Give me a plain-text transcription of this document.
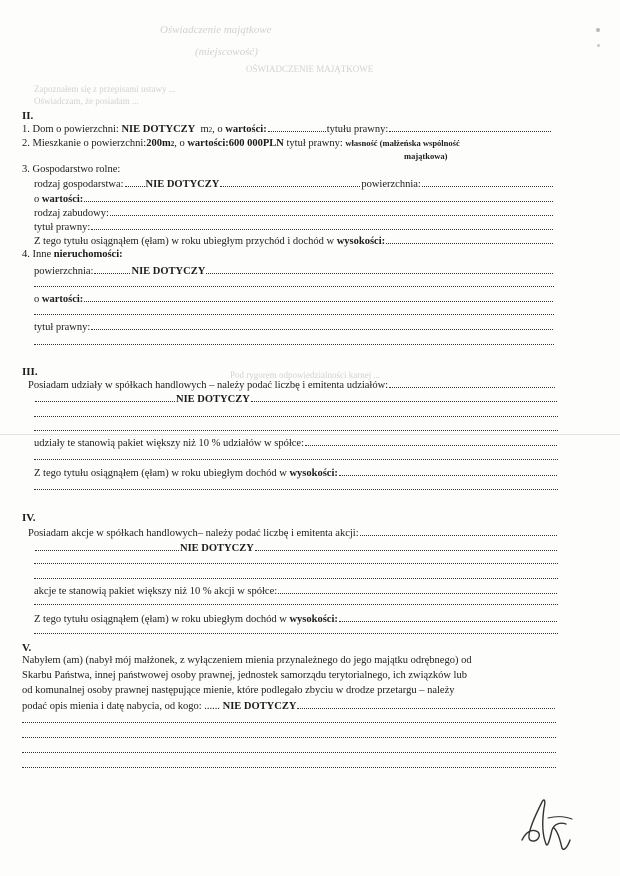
Oświadczenie majątkowe
(miejscowość)
OŚWIADCZENIE MAJĄTKOWE
Zapoznałem się z przepisami ustawy ...
Oświadczam, że posiadam ...
Pod rygorem odpowiedzialności karnej ...
II.
1. Dom o powierzchni: NIE DOTYCZY m 2 , o wartości:	tytułu prawny:
2. Mieszkanie o powierzchni: 200m 2 , o wartości:600 000PLN tytuł prawny: własność (małżeńska wspólność
majątkowa)
3. Gospodarstwo rolne:
rodzaj gospodarstwa: NIE DOTYCZY	powierzchnia:
o wartości:
rodzaj zabudowy:
tytuł prawny:
Z tego tytułu osiągnąłem (ęłam) w roku ubiegłym przychód i dochód w wysokości:
4. Inne nieruchomości:
powierzchnia:	NIE DOTYCZY
o wartości:
tytuł prawny:
III.
Posiadam udziały w spółkach handlowych – należy podać liczbę i emitenta udziałów:
NIE DOTYCZY
udziały te stanowią pakiet większy niż 10 % udziałów w spółce:
Z tego tytułu osiągnąłem (ęłam) w roku ubiegłym dochód w wysokości:
IV.
Posiadam akcje w spółkach handlowych– należy podać liczbę i emitenta akcji:
NIE DOTYCZY
akcje te stanowią pakiet większy niż 10 % akcji w spółce:
Z tego tytułu osiągnąłem (ęłam) w roku ubiegłym dochód w wysokości:
V.
Nabyłem (am) (nabył mój małżonek, z wyłączeniem mienia przynależnego do jego majątku odrębnego) od
Skarbu Państwa, innej państwowej osoby prawnej, jednostek samorządu terytorialnego, ich związków lub
od komunalnej osoby prawnej następujące mienie, które podlegało zbyciu w drodze przetargu – należy
podać opis mienia i datę nabycia, od kogo: ...... NIE DOTYCZY
